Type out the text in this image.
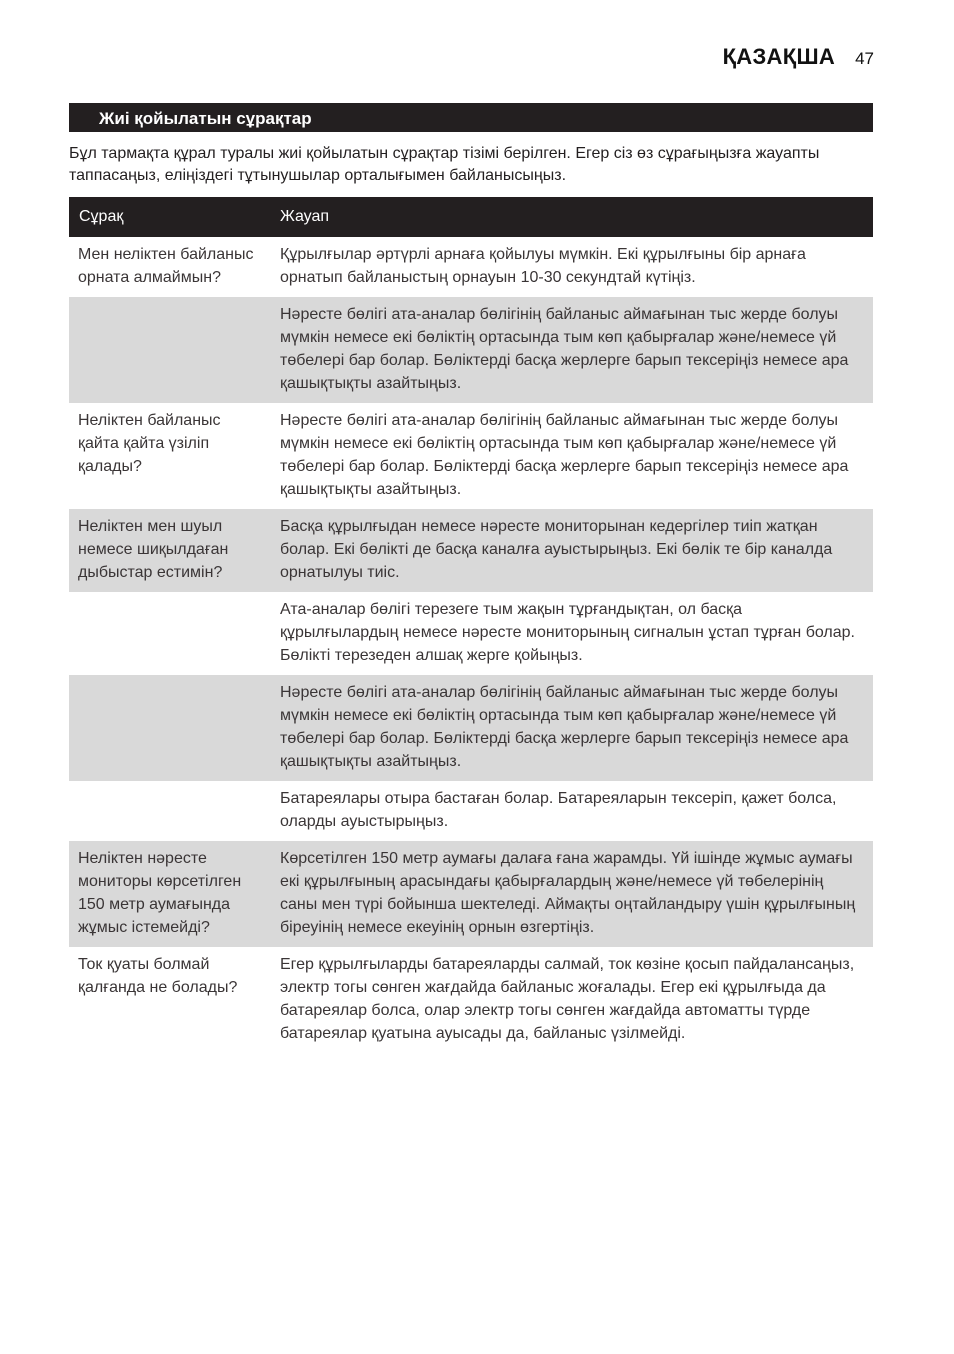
ҚАЗАҚША 47
Жиі қойылатын сұрақтар
Бұл тармақта құрал туралы жиі қойылатын сұрақтар тізімі берілген. Егер сіз өз сұрағыңызға жауапты таппасаңыз, еліңіздегі тұтынушылар орталығымен байланысыңыз.
Сұрақ	Жауап
Мен неліктен байланыс орната алмаймын?	Құрылғылар әртүрлі арнаға қойылуы мүмкін. Екі құрылғыны бір арнаға орнатып байланыстың орнауын 10-30 секундтай күтіңіз.
	Нәресте бөлігі ата-аналар бөлігінің байланыс аймағынан тыс жерде болуы мүмкін немесе екі бөліктің ортасында тым көп қабырғалар және/немесе үй төбелері бар болар. Бөліктерді басқа жерлерге барып тексеріңіз немесе ара қашықтықты азайтыңыз.
Неліктен байланыс қайта қайта үзіліп қалады?	Нәресте бөлігі ата-аналар бөлігінің байланыс аймағынан тыс жерде болуы мүмкін немесе екі бөліктің ортасында тым көп қабырғалар және/немесе үй төбелері бар болар. Бөліктерді басқа жерлерге барып тексеріңіз немесе ара қашықтықты азайтыңыз.
Неліктен мен шуыл немесе шиқылдаған дыбыстар естимін?	Басқа құрылғыдан немесе нәресте мониторынан кедергілер тиіп жатқан болар. Екі бөлікті де басқа каналға ауыстырыңыз. Екі бөлік те бір каналда орнатылуы тиіс.
	Ата-аналар бөлігі терезеге тым жақын тұрғандықтан, ол басқа құрылғылардың немесе нәресте мониторының сигналын ұстап тұрған болар. Бөлікті терезеден алшақ жерге қойыңыз.
	Нәресте бөлігі ата-аналар бөлігінің байланыс аймағынан тыс жерде болуы мүмкін немесе екі бөліктің ортасында тым көп қабырғалар және/немесе үй төбелері бар болар. Бөліктерді басқа жерлерге барып тексеріңіз немесе ара қашықтықты азайтыңыз.
	Батареялары отыра бастаған болар. Батареяларын тексеріп, қажет болса, оларды ауыстырыңыз.
Неліктен нәресте мониторы көрсетілген 150 метр аумағында жұмыс істемейді?	Көрсетілген 150 метр аумағы далаға ғана жарамды. Үй ішінде жұмыс аумағы екі құрылғының арасындағы қабырғалардың және/немесе үй төбелерінің саны мен түрі бойынша шектеледі. Аймақты оңтайландыру үшін құрылғының біреуінің немесе екеуінің орнын өзгертіңіз.
Ток қуаты болмай қалғанда не болады?	Егер құрылғыларды батареяларды салмай, ток көзіне қосып пайдалансаңыз, электр тогы сөнген жағдайда байланыс жоғалады. Егер екі құрылғыда да батареялар болса, олар электр тогы сөнген жағдайда автоматты түрде батареялар қуатына ауысады да, байланыс үзілмейді.
